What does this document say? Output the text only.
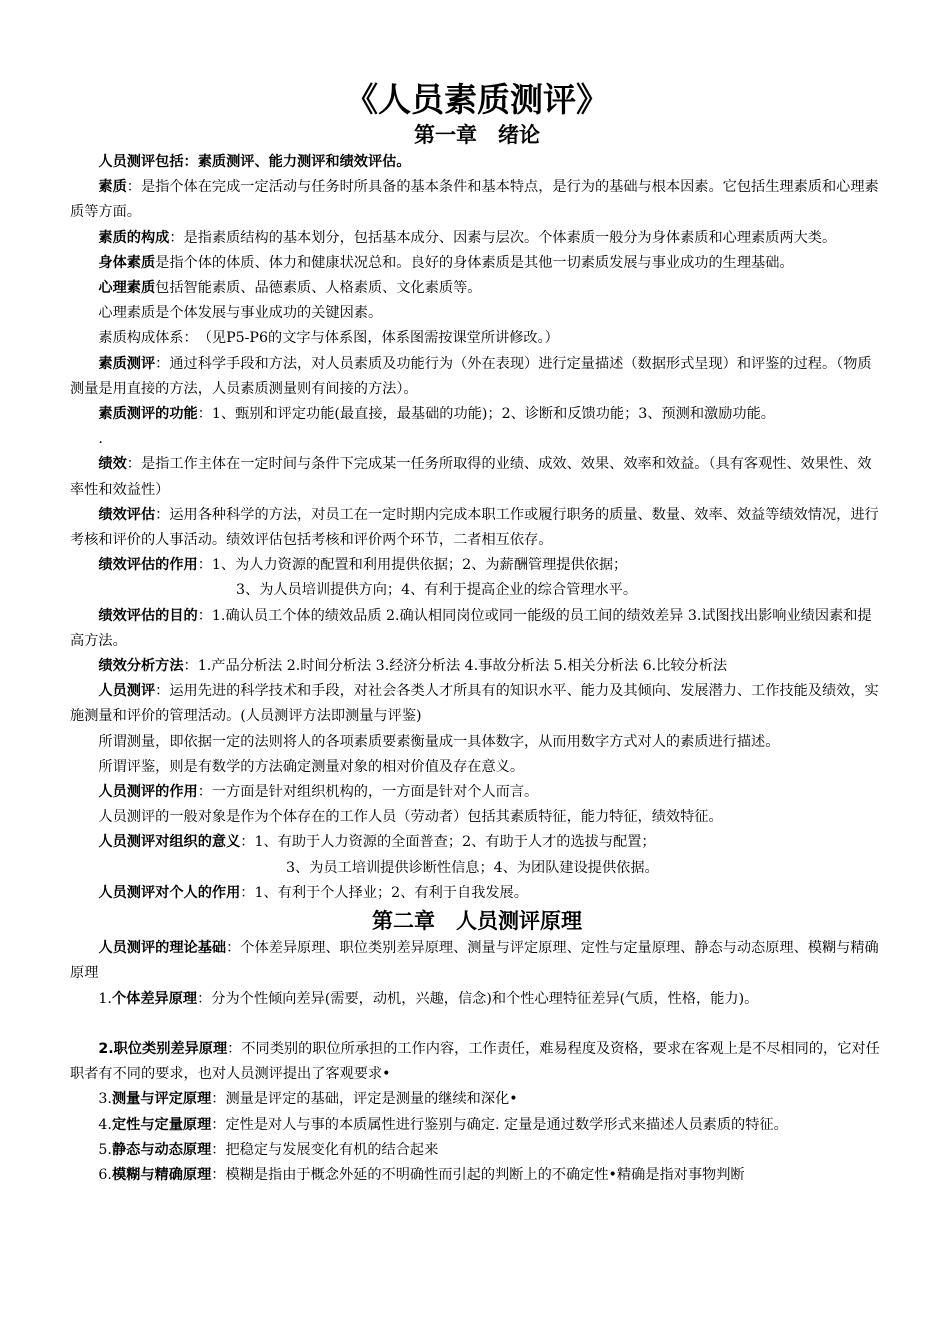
《人员素质测评》
第一章　绪论

人员测评包括：素质测评、能力测评和绩效评估。

素质：是指个体在完成一定活动与任务时所具备的基本条件和基本特点，是行为的基础与根本因素。它包括生理素质和心理素质等方面。

素质的构成：是指素质结构的基本划分，包括基本成分、因素与层次。个体素质一般分为身体素质和心理素质两大类。

身体素质是指个体的体质、体力和健康状况总和。良好的身体素质是其他一切素质发展与事业成功的生理基础。

心理素质包括智能素质、品德素质、人格素质、文化素质等。

心理素质是个体发展与事业成功的关键因素。

素质构成体系：　（见P5-P6的文字与体系图，体系图需按课堂所讲修改。）

素质测评：通过科学手段和方法，对人员素质及功能行为（外在表现）进行定量描述（数据形式呈现）和评鉴的过程。（物质测量是用直接的方法，人员素质测量则有间接的方法）。

素质测评的功能：1、甄别和评定功能(最直接，最基础的功能)；2、诊断和反馈功能；3、预测和激励功能。

.

绩效：是指工作主体在一定时间与条件下完成某一任务所取得的业绩、成效、效果、效率和效益。（具有客观性、效果性、效率性和效益性）

绩效评估：运用各种科学的方法，对员工在一定时期内完成本职工作或履行职务的质量、数量、效率、效益等绩效情况，进行考核和评价的人事活动。绩效评估包括考核和评价两个环节，二者相互依存。

绩效评估的作用：1、为人力资源的配置和利用提供依据；2、为薪酬管理提供依据；

3、为人员培训提供方向；4、有利于提高企业的综合管理水平。

绩效评估的目的：1.确认员工个体的绩效品质 2.确认相同岗位或同一能级的员工间的绩效差异 3.试图找出影响业绩因素和提高方法。

绩效分析方法：1.产品分析法 2.时间分析法 3.经济分析法 4.事故分析法 5.相关分析法 6.比较分析法

人员测评：运用先进的科学技术和手段，对社会各类人才所具有的知识水平、能力及其倾向、发展潜力、工作技能及绩效，实施测量和评价的管理活动。(人员测评方法即测量与评鉴)

所谓测量，即依据一定的法则将人的各项素质要素衡量成一具体数字，从而用数字方式对人的素质进行描述。

所谓评鉴，则是有数学的方法确定测量对象的相对价值及存在意义。

人员测评的作用：一方面是针对组织机构的，一方面是针对个人而言。

人员测评的一般对象是作为个体存在的工作人员（劳动者）包括其素质特征，能力特征，绩效特征。

人员测评对组织的意义：1、有助于人力资源的全面普查；2、有助于人才的选拔与配置；

3、为员工培训提供诊断性信息；4、为团队建设提供依据。

人员测评对个人的作用：1、有利于个人择业；2、有利于自我发展。

第二章　人员测评原理

人员测评的理论基础：个体差异原理、职位类别差异原理、测量与评定原理、定性与定量原理、静态与动态原理、模糊与精确原理

1.个体差异原理：分为个性倾向差异(需要，动机，兴趣，信念)和个性心理特征差异(气质，性格，能力)。

2.职位类别差异原理：不同类别的职位所承担的工作内容，工作责任，难易程度及资格，要求在客观上是不尽相同的，它对任职者有不同的要求，也对人员测评提出了客观要求•

3.测量与评定原理：测量是评定的基础，评定是测量的继续和深化•

4.定性与定量原理：定性是对人与事的本质属性进行鉴别与确定. 定量是通过数学形式来描述人员素质的特征。

5.静态与动态原理：把稳定与发展变化有机的结合起来

6.模糊与精确原理：模糊是指由于概念外延的不明确性而引起的判断上的不确定性•精确是指对事物判断
